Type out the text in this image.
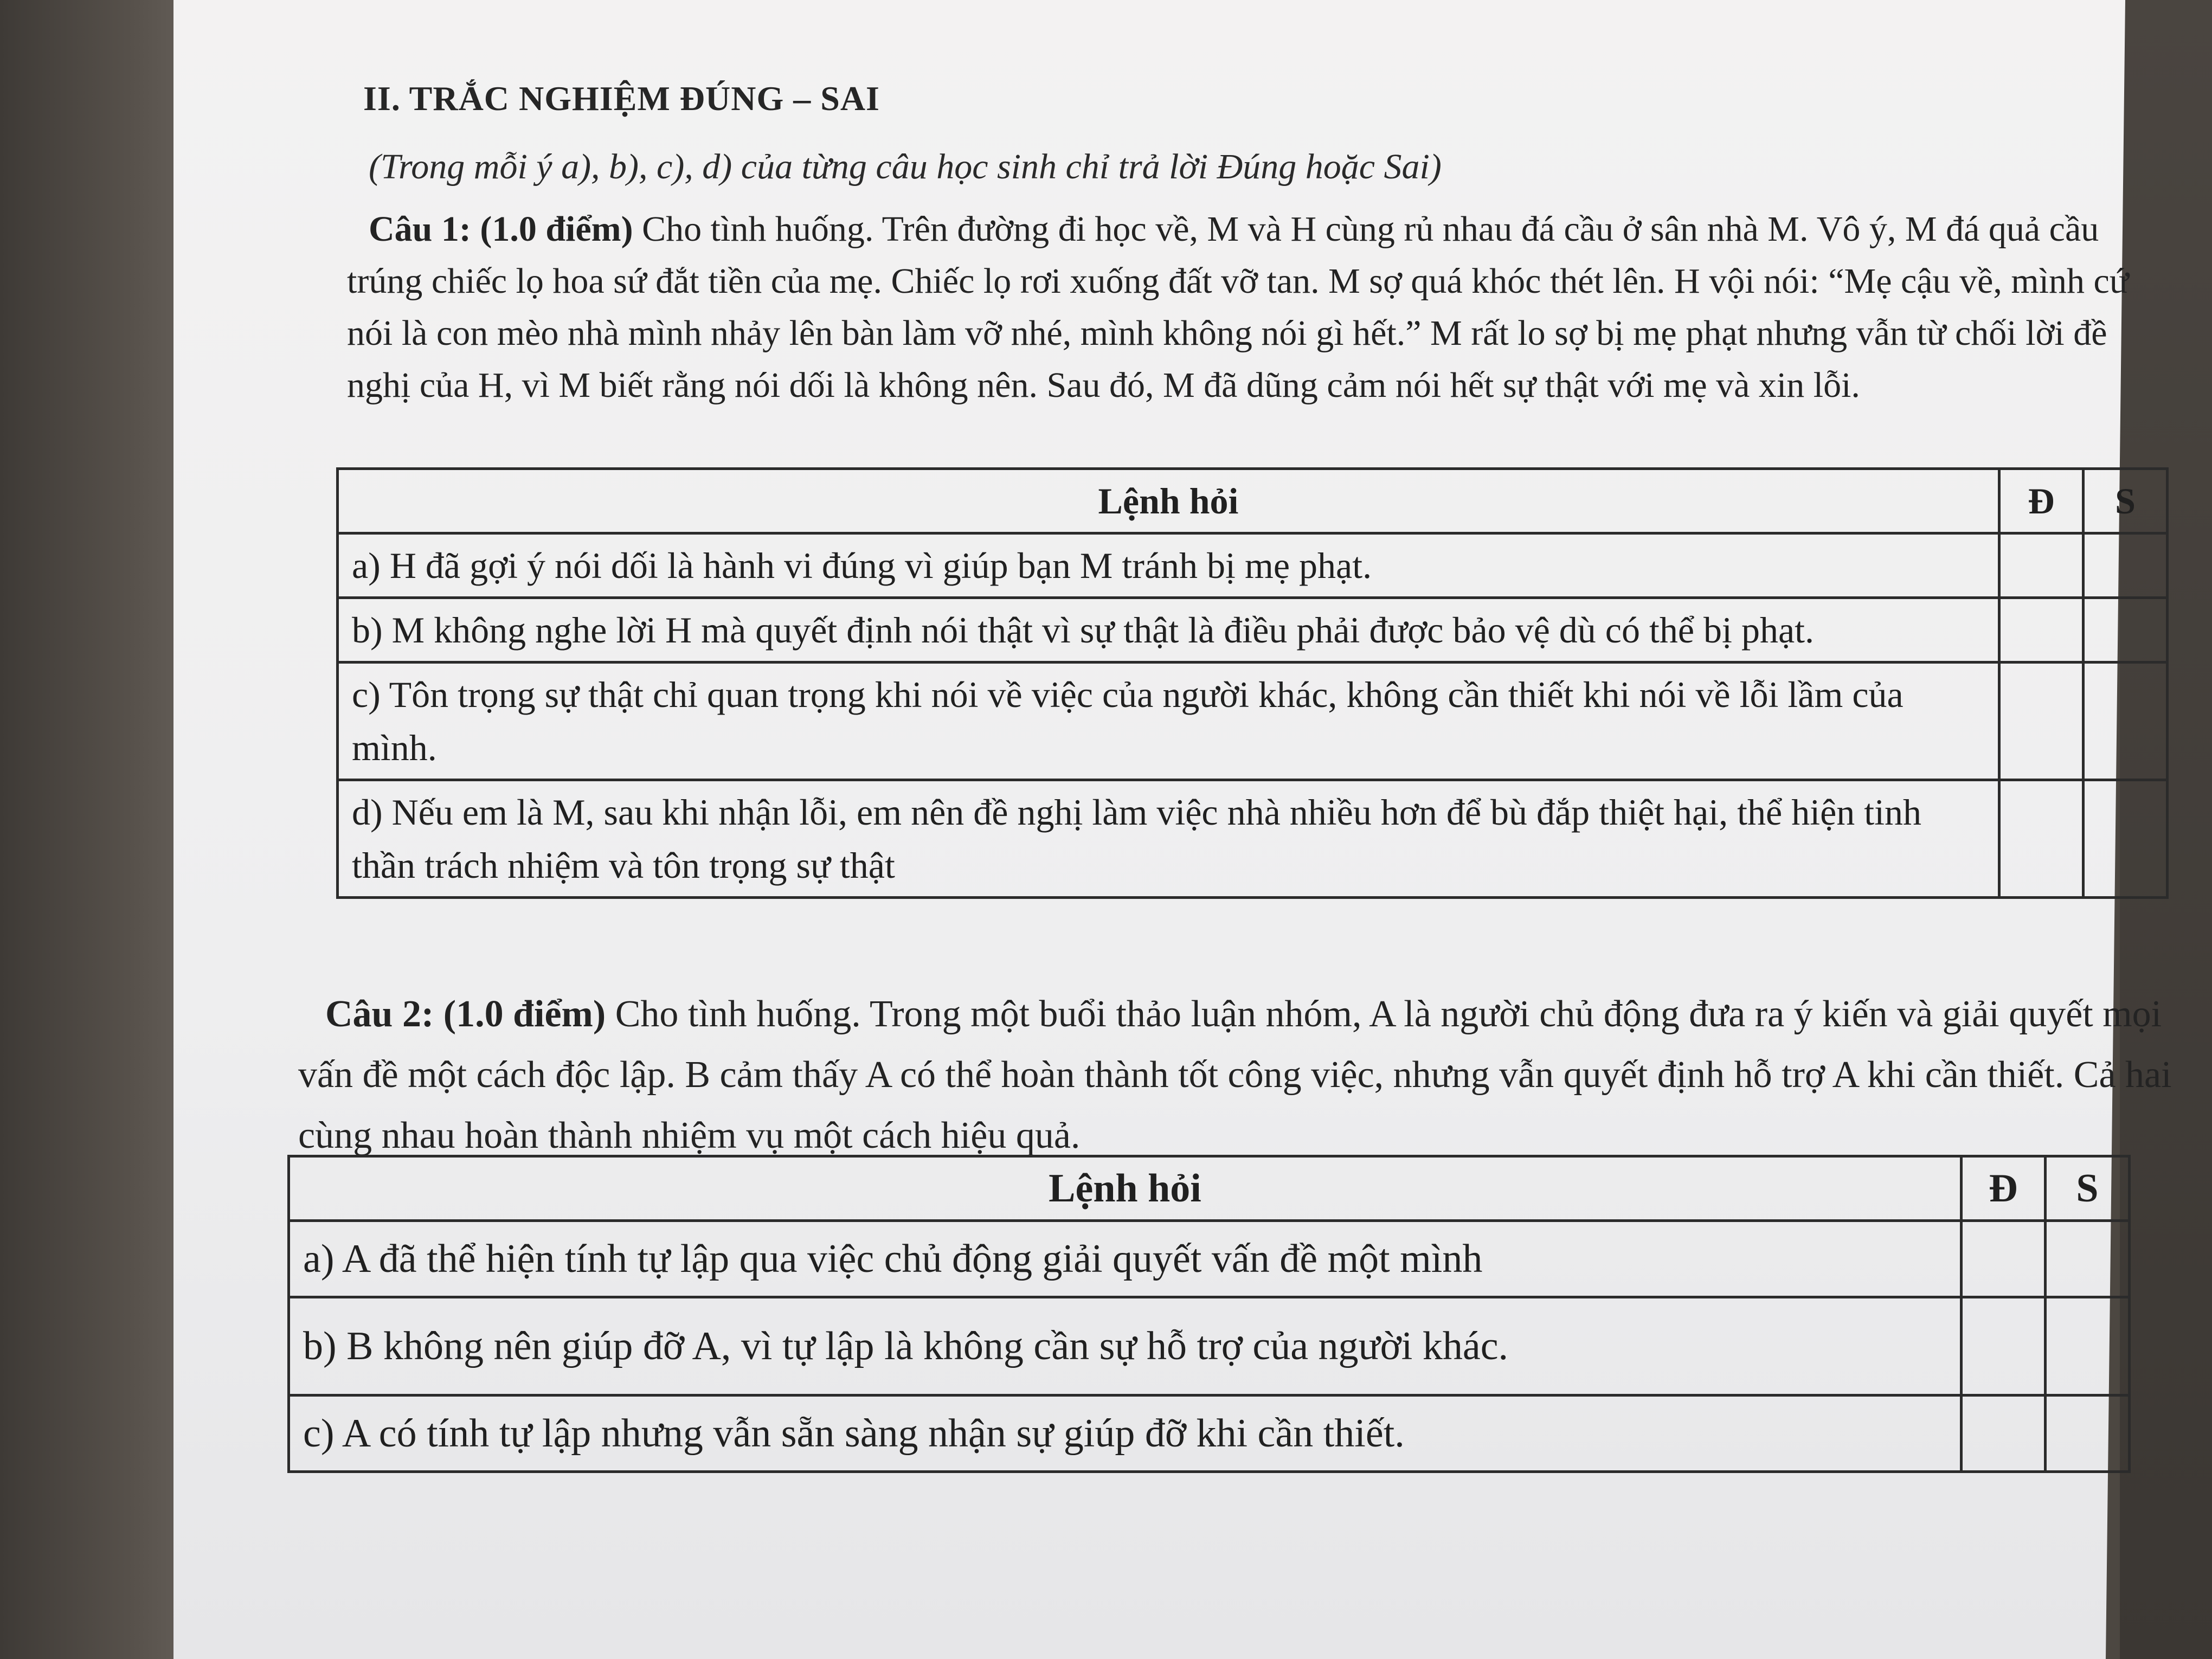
II. TRẮC NGHIỆM ĐÚNG – SAI
(Trong mỗi ý a), b), c), d) của từng câu học sinh chỉ trả lời Đúng hoặc Sai)
Câu 1: (1.0 điểm) Cho tình huống. Trên đường đi học về, M và H cùng rủ nhau đá cầu ở sân nhà M. Vô ý, M đá quả cầu trúng chiếc lọ hoa sứ đắt tiền của mẹ. Chiếc lọ rơi xuống đất vỡ tan. M sợ quá khóc thét lên. H vội nói: “Mẹ cậu về, mình cứ nói là con mèo nhà mình nhảy lên bàn làm vỡ nhé, mình không nói gì hết.” M rất lo sợ bị mẹ phạt nhưng vẫn từ chối lời đề nghị của H, vì M biết rằng nói dối là không nên. Sau đó, M đã dũng cảm nói hết sự thật với mẹ và xin lỗi.
Lệnh hỏi	Đ	S
a) H đã gợi ý nói dối là hành vi đúng vì giúp bạn M tránh bị mẹ phạt.		
b) M không nghe lời H mà quyết định nói thật vì sự thật là điều phải được bảo vệ dù có thể bị phạt.		
c) Tôn trọng sự thật chỉ quan trọng khi nói về việc của người khác, không cần thiết khi nói về lỗi lầm của mình.		
d) Nếu em là M, sau khi nhận lỗi, em nên đề nghị làm việc nhà nhiều hơn để bù đắp thiệt hại, thể hiện tinh thần trách nhiệm và tôn trọng sự thật		
Câu 2: (1.0 điểm) Cho tình huống. Trong một buổi thảo luận nhóm, A là người chủ động đưa ra ý kiến và giải quyết mọi vấn đề một cách độc lập. B cảm thấy A có thể hoàn thành tốt công việc, nhưng vẫn quyết định hỗ trợ A khi cần thiết. Cả hai cùng nhau hoàn thành nhiệm vụ một cách hiệu quả.
Lệnh hỏi	Đ	S
a) A đã thể hiện tính tự lập qua việc chủ động giải quyết vấn đề một mình		
b) B không nên giúp đỡ A, vì tự lập là không cần sự hỗ trợ của người khác.		
c) A có tính tự lập nhưng vẫn sẵn sàng nhận sự giúp đỡ khi cần thiết.		
